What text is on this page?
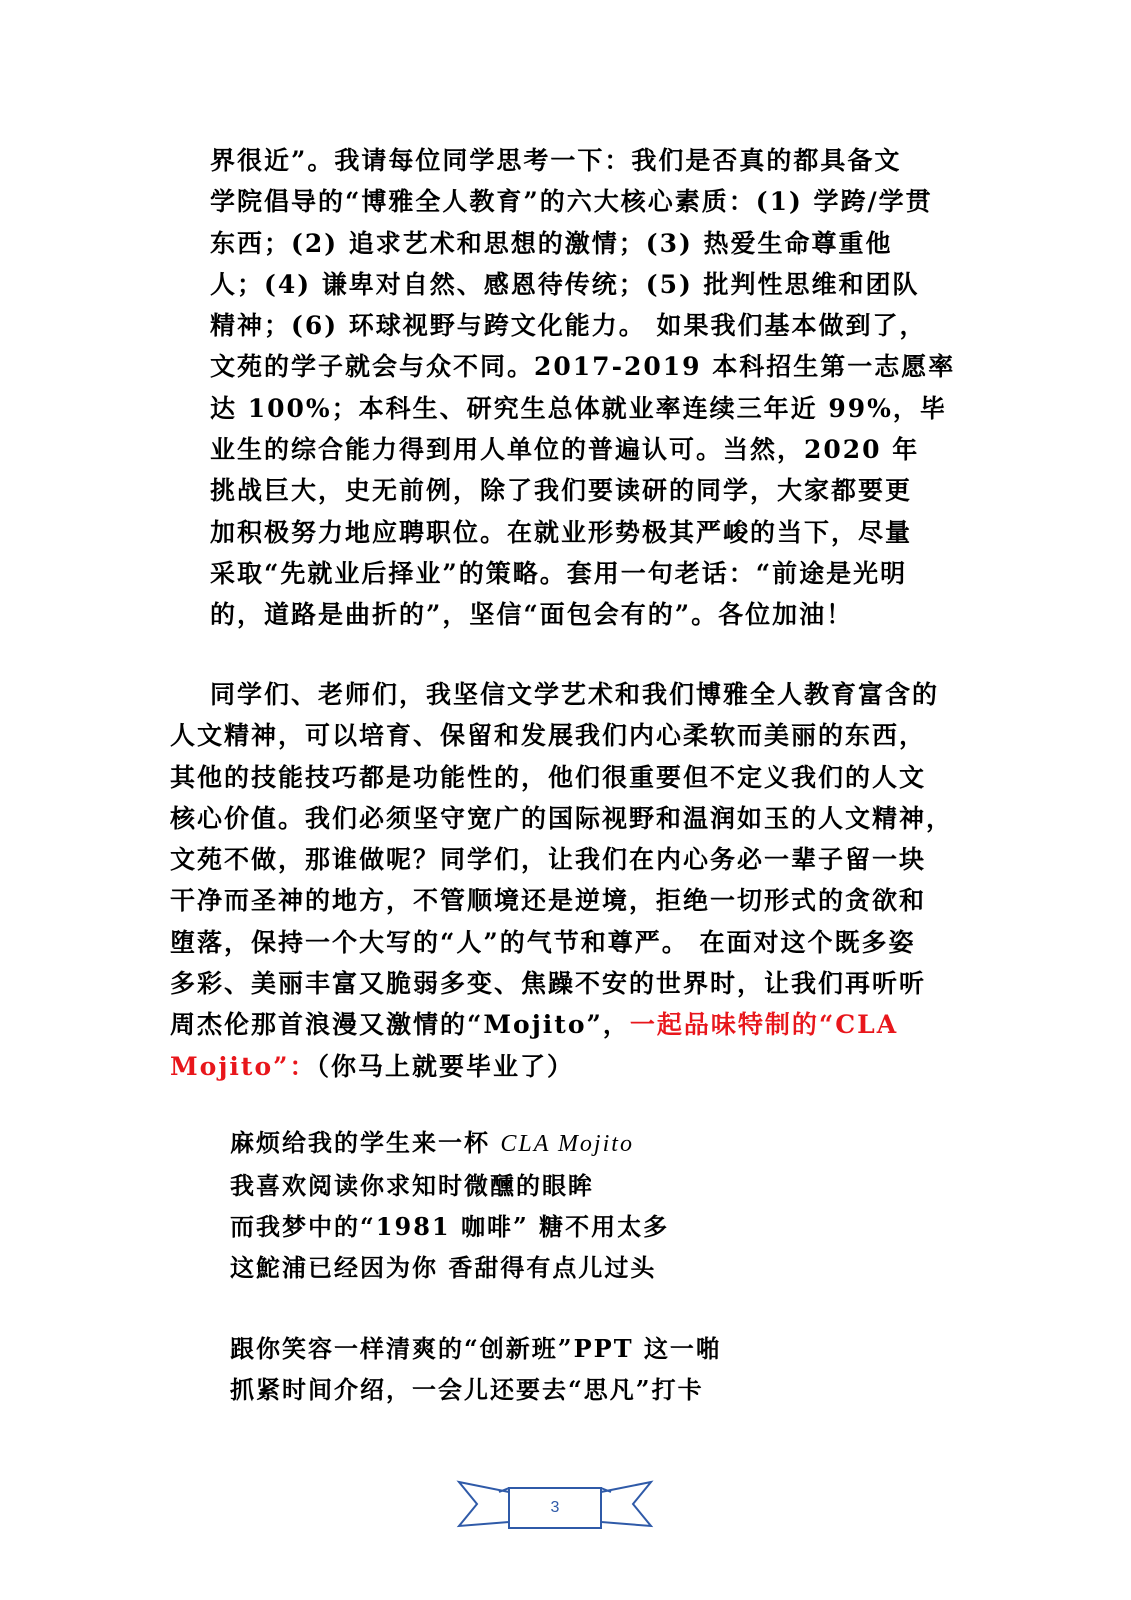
界很近”。我请每位同学思考一下：我们是否真的都具备文
学院倡导的“博雅全人教育”的六大核心素质：(1) 学跨/学贯
东西；(2) 追求艺术和思想的激情；(3) 热爱生命尊重他
人；(4) 谦卑对自然、感恩待传统；(5) 批判性思维和团队
精神；(6) 环球视野与跨文化能力。 如果我们基本做到了，
文苑的学子就会与众不同。2017-2019 本科招生第一志愿率
达 100%；本科生、研究生总体就业率连续三年近 99%，毕
业生的综合能力得到用人单位的普遍认可。当然，2020 年
挑战巨大，史无前例，除了我们要读研的同学，大家都要更
加积极努力地应聘职位。在就业形势极其严峻的当下，尽量
采取“先就业后择业”的策略。套用一句老话：“前途是光明
的，道路是曲折的”，坚信“面包会有的”。各位加油！
同学们、老师们，我坚信文学艺术和我们博雅全人教育富含的
人文精神，可以培育、保留和发展我们内心柔软而美丽的东西，
其他的技能技巧都是功能性的，他们很重要但不定义我们的人文
核心价值。我们必须坚守宽广的国际视野和温润如玉的人文精神，
文苑不做，那谁做呢？同学们，让我们在内心务必一辈子留一块
干净而圣神的地方，不管顺境还是逆境，拒绝一切形式的贪欲和
堕落，保持一个大写的“人”的气节和尊严。 在面对这个既多姿
多彩、美丽丰富又脆弱多变、焦躁不安的世界时，让我们再听听
周杰伦那首浪漫又激情的“Mojito”，一起品味特制的“CLA
Mojito”：（你马上就要毕业了）
麻烦给我的学生来一杯 CLA Mojito
我喜欢阅读你求知时微醺的眼眸
而我梦中的“1981 咖啡” 糖不用太多
这鮀浦已经因为你 香甜得有点儿过头
跟你笑容一样清爽的“创新班”PPT 这一啪
抓紧时间介绍，一会儿还要去“思凡”打卡
3
